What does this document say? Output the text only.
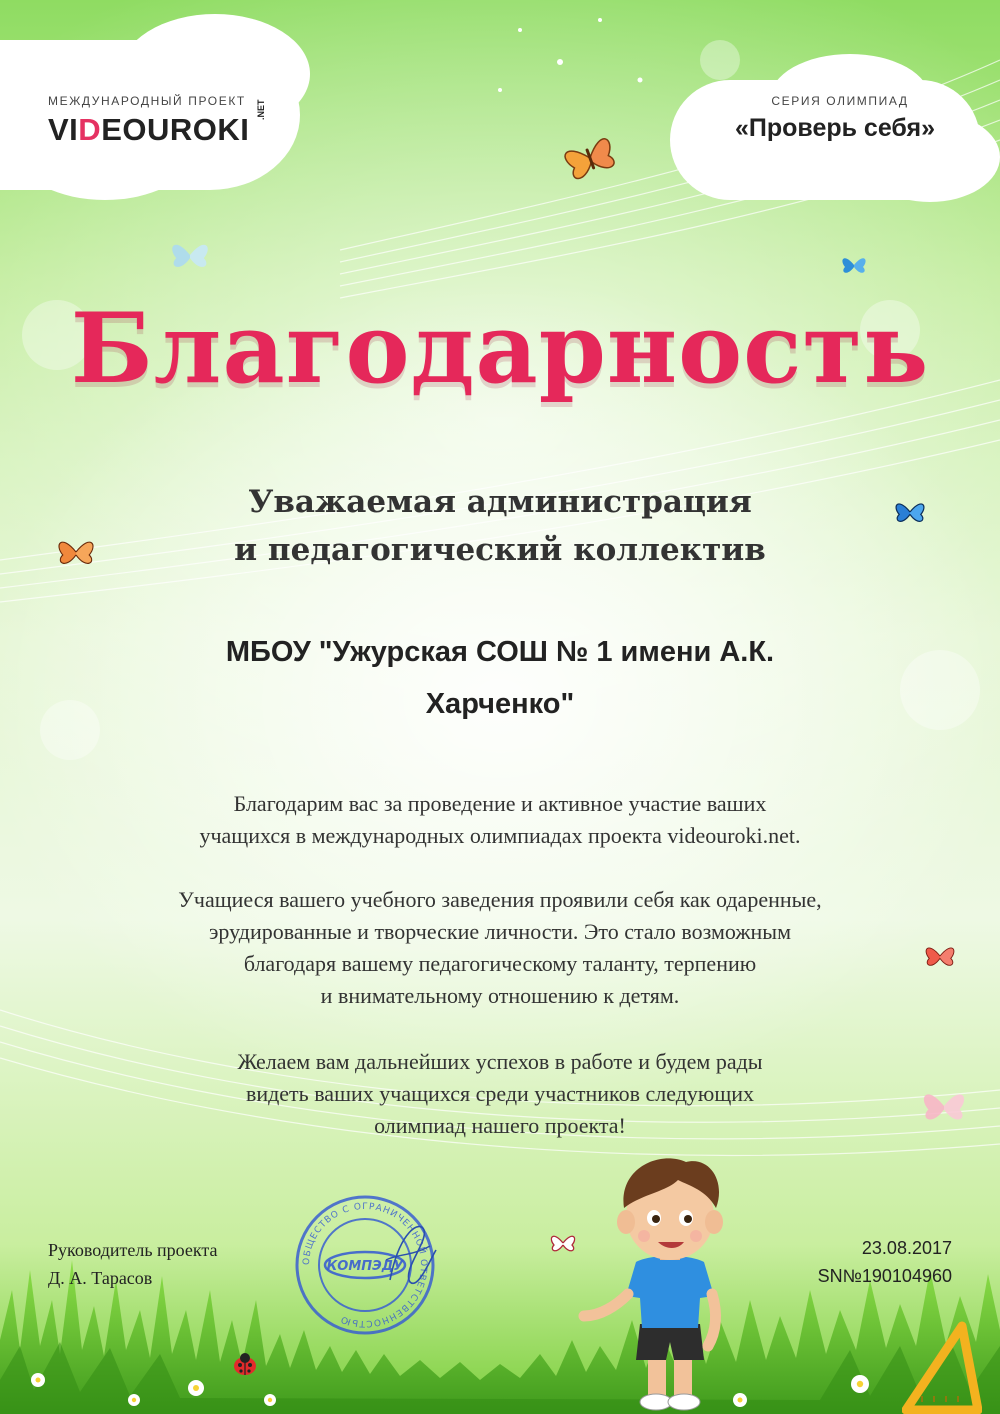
МЕЖДУНАРОДНЫЙ ПРОЕКТ
VIDEOUROKI
.NET	СЕРИЯ ОЛИМПИАД
«Проверь себя»
Благодарность
Уважаемая администрация
и педагогический коллектив
МБОУ "Ужурская СОШ № 1 имени А.К.
Харченко"
Благодарим вас за проведение и активное участие ваших
учащихся в международных олимпиадах проекта videouroki.net.
Учащиеся вашего учебного заведения проявили себя как одаренные,
эрудированные и творческие личности. Это стало возможным
благодаря вашему педагогическому таланту, терпению
и внимательному отношению к детям.
Желаем вам дальнейших успехов в работе и будем рады
видеть ваших учащихся среди участников следующих
олимпиад нашего проекта!
Руководитель проекта
Д. А. Тарасов
23.08.2017
SN№190104960
ОБЩЕСТВО С ОГРАНИЧЕННОЙ ОТВЕТСТВЕННОСТЬЮ
КОМПЭДУ
